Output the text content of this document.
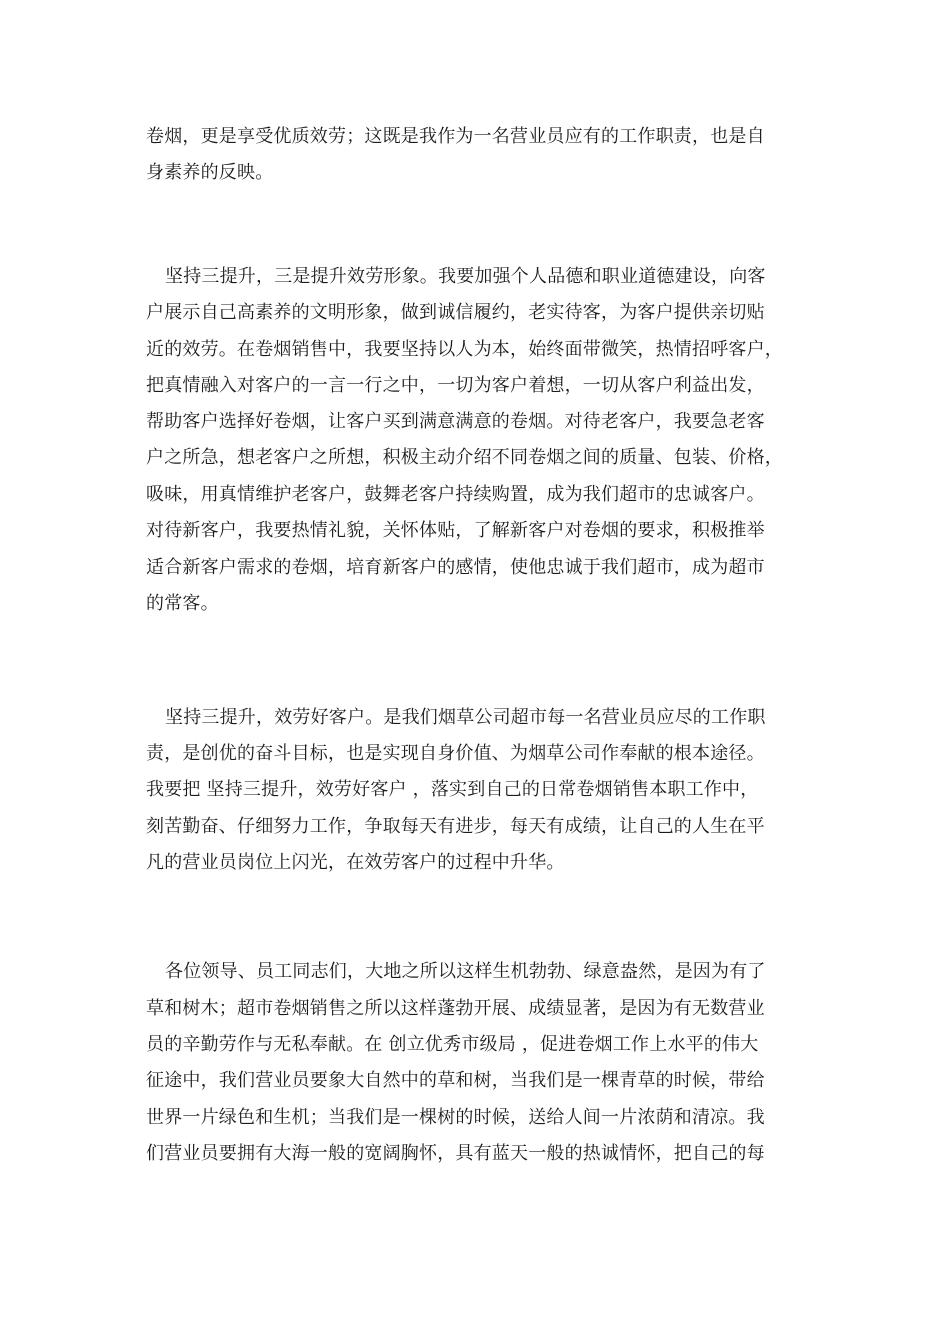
卷烟，更是享受优质效劳；这既是我作为一名营业员应有的工作职责，也是自
身素养的反映。
坚持三提升，三是提升效劳形象。我要加强个人品德和职业道德建设，向客
户展示自己高素养的文明形象，做到诚信履约，老实待客，为客户提供亲切贴
近的效劳。在卷烟销售中，我要坚持以人为本，始终面带微笑，热情招呼客户，
把真情融入对客户的一言一行之中，一切为客户着想，一切从客户利益出发，
帮助客户选择好卷烟，让客户买到满意满意的卷烟。对待老客户，我要急老客
户之所急，想老客户之所想，积极主动介绍不同卷烟之间的质量、包装、价格，
吸味，用真情维护老客户，鼓舞老客户持续购置，成为我们超市的忠诚客户。
对待新客户，我要热情礼貌，关怀体贴，了解新客户对卷烟的要求，积极推举
适合新客户需求的卷烟，培育新客户的感情，使他忠诚于我们超市，成为超市
的常客。
坚持三提升，效劳好客户。是我们烟草公司超市每一名营业员应尽的工作职
责，是创优的奋斗目标，也是实现自身价值、为烟草公司作奉献的根本途径。
我要把 坚持三提升，效劳好客户 ，落实到自己的日常卷烟销售本职工作中，
刻苦勤奋、仔细努力工作，争取每天有进步，每天有成绩，让自己的人生在平
凡的营业员岗位上闪光，在效劳客户的过程中升华。
各位领导、员工同志们，大地之所以这样生机勃勃、绿意盎然，是因为有了
草和树木；超市卷烟销售之所以这样蓬勃开展、成绩显著，是因为有无数营业
员的辛勤劳作与无私奉献。在 创立优秀市级局 ，促进卷烟工作上水平的伟大
征途中，我们营业员要象大自然中的草和树，当我们是一棵青草的时候，带给
世界一片绿色和生机；当我们是一棵树的时候，送给人间一片浓荫和清凉。我
们营业员要拥有大海一般的宽阔胸怀，具有蓝天一般的热诚情怀，把自己的每
